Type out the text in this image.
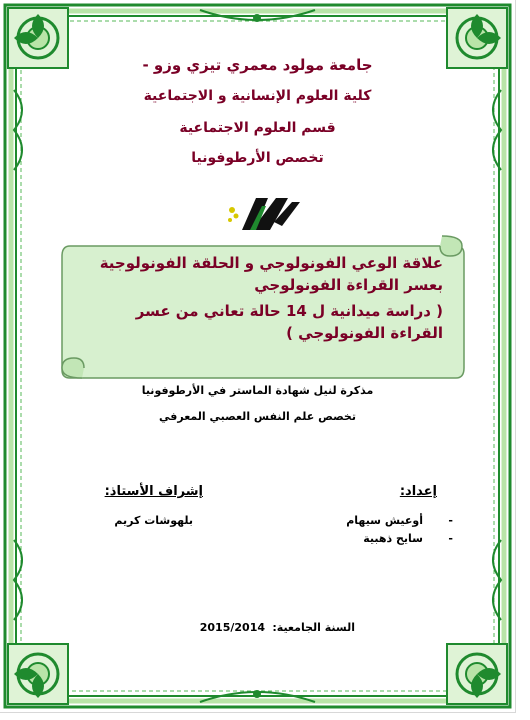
جامعة مولود معمري تيزي وزو -
كلية العلوم الإنسانية و الاجتماعية
قسم العلوم الاجتماعية
تخصص الأرطوفونيا
علاقة الوعي الفونولوجي و الحلقة الفونولوجية بعسر القراءة الفونولوجي
( دراسة ميدانية ل 14 حالة تعاني من عسر القراءة الفونولوجي )
مذكرة لنيل شهادة الماستر في الأرطوفونيا
تخصص علم النفس العصبي المعرفي
إعداد:
-
أوعيش سيهام
-
سايح ذهبية
إشراف الأستاذ:
بلهوشات كريم
السنة الجامعية:
2015/2014
